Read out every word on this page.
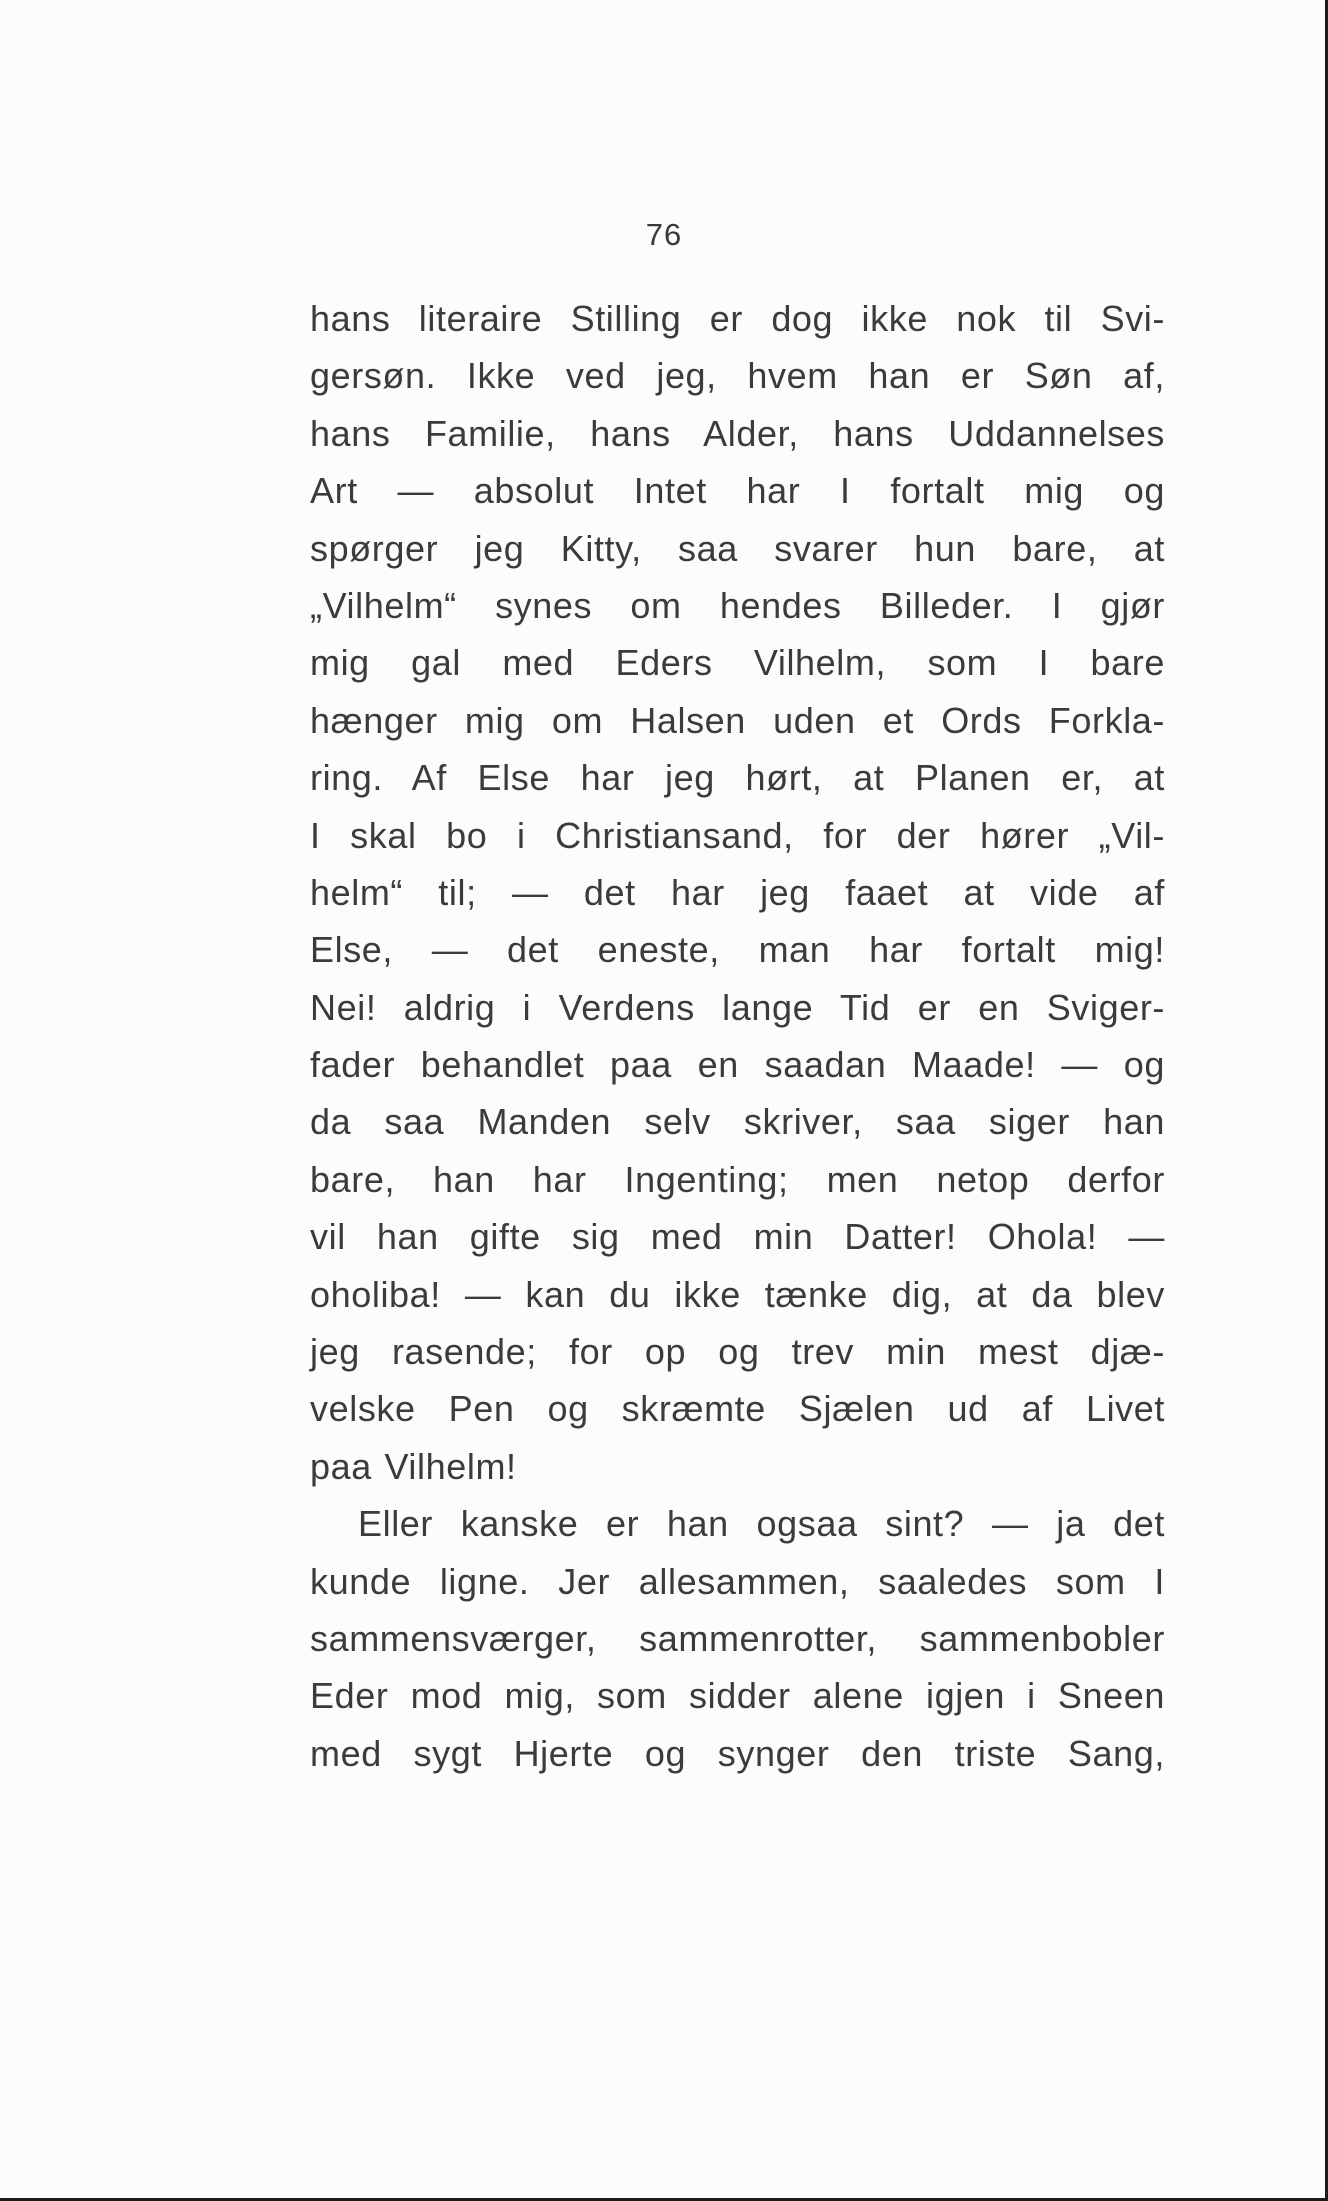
76
hans literaire Stilling er dog ikke nok til Svi-
gersøn. Ikke ved jeg, hvem han er Søn af,
hans Familie, hans Alder, hans Uddannelses
Art — absolut Intet har I fortalt mig og
spørger jeg Kitty, saa svarer hun bare, at
„Vilhelm“ synes om hendes Billeder. I gjør
mig gal med Eders Vilhelm, som I bare
hænger mig om Halsen uden et Ords Forkla-
ring. Af Else har jeg hørt, at Planen er, at
I skal bo i Christiansand, for der hører „Vil-
helm“ til; — det har jeg faaet at vide af
Else, — det eneste, man har fortalt mig!
Nei! aldrig i Verdens lange Tid er en Sviger-
fader behandlet paa en saadan Maade! — og
da saa Manden selv skriver, saa siger han
bare, han har Ingenting; men netop derfor
vil han gifte sig med min Datter! Ohola! —
oholiba! — kan du ikke tænke dig, at da blev
jeg rasende; for op og trev min mest djæ-
velske Pen og skræmte Sjælen ud af Livet
paa Vilhelm!
Eller kanske er han ogsaa sint? — ja det
kunde ligne. Jer allesammen, saaledes som I
sammensværger, sammenrotter, sammenbobler
Eder mod mig, som sidder alene igjen i Sneen
med sygt Hjerte og synger den triste Sang,
